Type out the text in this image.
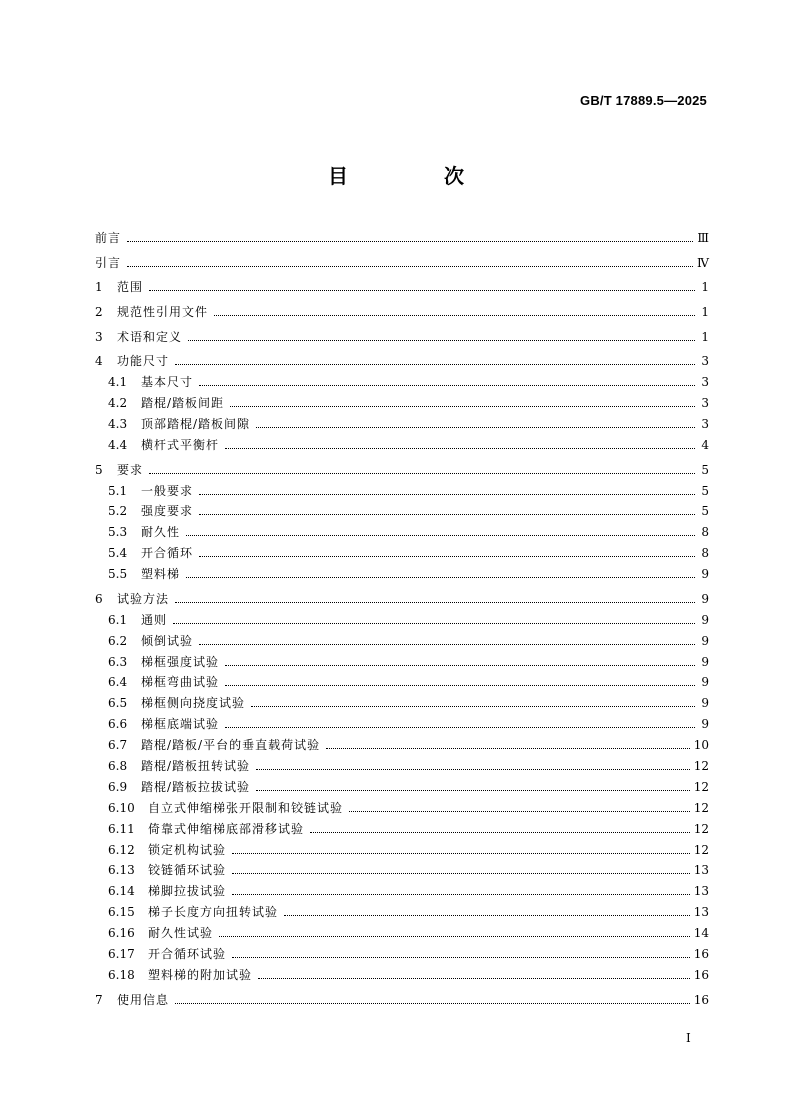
GB/T 17889.5—2025
目　次
前言	Ⅲ
引言	Ⅳ
1	范围	1
2	规范性引用文件	1
3	术语和定义	1
4	功能尺寸	3
4.1	基本尺寸	3
4.2	踏棍/踏板间距	3
4.3	顶部踏棍/踏板间隙	3
4.4	横杆式平衡杆	4
5	要求	5
5.1	一般要求	5
5.2	强度要求	5
5.3	耐久性	8
5.4	开合循环	8
5.5	塑料梯	9
6	试验方法	9
6.1	通则	9
6.2	倾倒试验	9
6.3	梯框强度试验	9
6.4	梯框弯曲试验	9
6.5	梯框侧向挠度试验	9
6.6	梯框底端试验	9
6.7	踏棍/踏板/平台的垂直载荷试验	10
6.8	踏棍/踏板扭转试验	12
6.9	踏棍/踏板拉拔试验	12
6.10	自立式伸缩梯张开限制和铰链试验	12
6.11	倚靠式伸缩梯底部滑移试验	12
6.12	锁定机构试验	12
6.13	铰链循环试验	13
6.14	梯脚拉拔试验	13
6.15	梯子长度方向扭转试验	13
6.16	耐久性试验	14
6.17	开合循环试验	16
6.18	塑料梯的附加试验	16
7	使用信息	16
I
